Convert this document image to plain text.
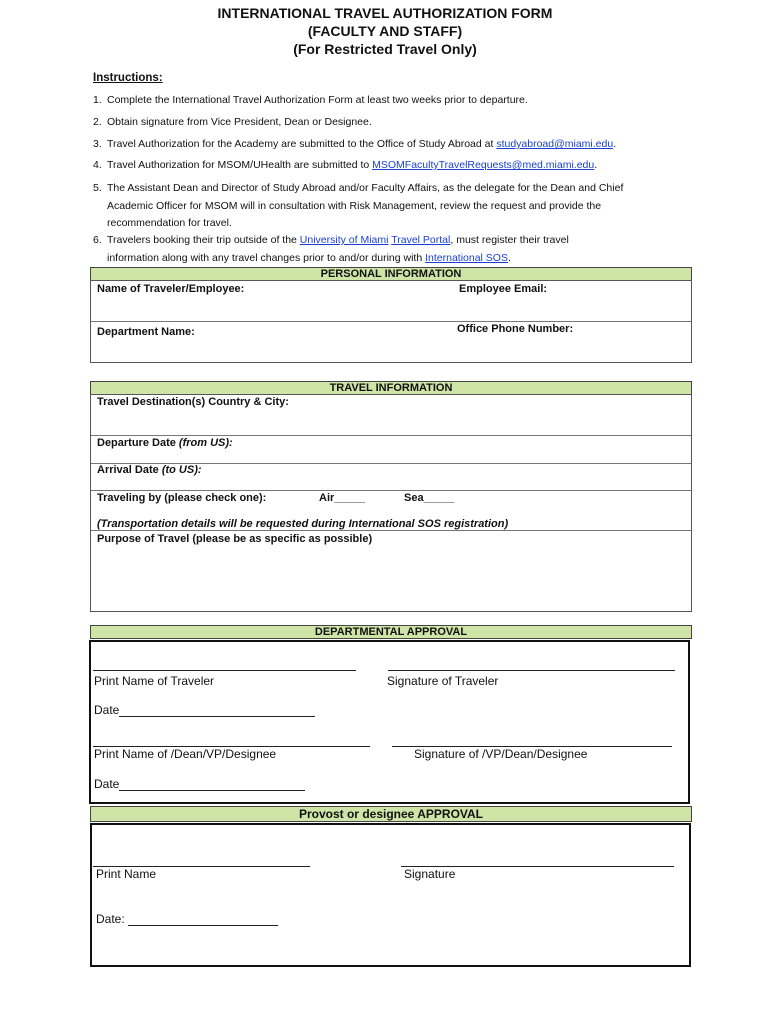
INTERNATIONAL TRAVEL AUTHORIZATION FORM
(FACULTY AND STAFF)
(For Restricted Travel Only)
Instructions:
1. Complete the International Travel Authorization Form at least two weeks prior to departure.
2. Obtain signature from Vice President, Dean or Designee.
3. Travel Authorization for the Academy are submitted to the Office of Study Abroad at studyabroad@miami.edu.
4. Travel Authorization for MSOM/UHealth are submitted to MSOMFacultyTravelRequests@med.miami.edu.
5. The Assistant Dean and Director of Study Abroad and/or Faculty Affairs, as the delegate for the Dean and Chief
Academic Officer for MSOM will in consultation with Risk Management, review the request and provide the
recommendation for travel.
6. Travelers booking their trip outside of the University of Miami Travel Portal, must register their travel
information along with any travel changes prior to and/or during with International SOS.
PERSONAL INFORMATION
Name of Traveler/Employee:	Employee Email:
Department Name:	Office Phone Number:
TRAVEL INFORMATION
Travel Destination(s) Country & City:
Departure Date (from US):
Arrival Date (to US):
Traveling by (please check one):	Air_____	Sea_____
(Transportation details will be requested during International SOS registration)
Purpose of Travel (please be as specific as possible)
DEPARTMENTAL APPROVAL
Print Name of Traveler	Signature of Traveler
Date
Print Name of /Dean/VP/Designee	Signature of /VP/Dean/Designee
Date
Provost or designee APPROVAL
Print Name	Signature
Date:
